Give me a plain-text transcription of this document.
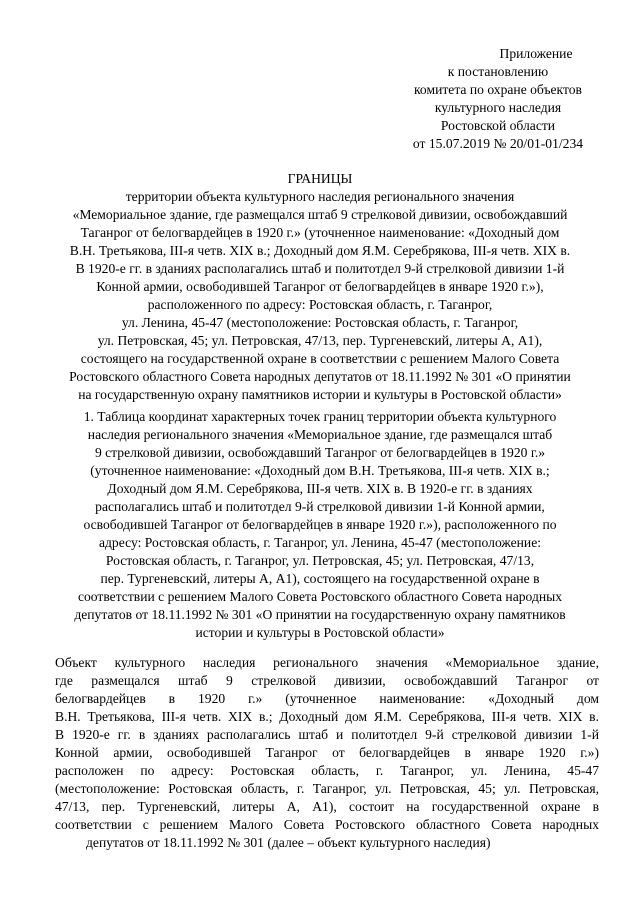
Приложение
к постановлению
комитета по охране объектов
культурного наследия
Ростовской области
от 15.07.2019 № 20/01-01/234
ГРАНИЦЫ
территории объекта культурного наследия регионального значения
«Мемориальное здание, где размещался штаб 9 стрелковой дивизии, освобождавший
Таганрог от белогвардейцев в 1920 г.» (уточненное наименование: «Доходный дом
В.Н. Третьякова, III-я четв. XIX в.; Доходный дом Я.М. Серебрякова, III-я четв. XIX в.
В 1920-е гг. в зданиях располагались штаб и политотдел 9-й стрелковой дивизии 1-й
Конной армии, освободившей Таганрог от белогвардейцев в январе 1920 г.»),
расположенного по адресу: Ростовская область, г. Таганрог,
ул. Ленина, 45-47 (местоположение: Ростовская область, г. Таганрог,
ул. Петровская, 45; ул. Петровская, 47/13, пер. Тургеневский, литеры А, А1),
состоящего на государственной охране в соответствии с решением Малого Совета
Ростовского областного Совета народных депутатов от 18.11.1992 № 301 «О принятии
на государственную охрану памятников истории и культуры в Ростовской области»
1. Таблица координат характерных точек границ территории объекта культурного
наследия регионального значения «Мемориальное здание, где размещался штаб
9 стрелковой дивизии, освобождавший Таганрог от белогвардейцев в 1920 г.»
(уточненное наименование: «Доходный дом В.Н. Третьякова, III-я четв. XIX в.;
Доходный дом Я.М. Серебрякова, III-я четв. XIX в. В 1920-е гг. в зданиях
располагались штаб и политотдел 9-й стрелковой дивизии 1-й Конной армии,
освободившей Таганрог от белогвардейцев в январе 1920 г.»), расположенного по
адресу: Ростовская область, г. Таганрог, ул. Ленина, 45-47 (местоположение:
Ростовская область, г. Таганрог, ул. Петровская, 45; ул. Петровская, 47/13,
пер. Тургеневский, литеры А, А1), состоящего на государственной охране в
соответствии с решением Малого Совета Ростовского областного Совета народных
депутатов от 18.11.1992 № 301 «О принятии на государственную охрану памятников
истории и культуры в Ростовской области»
Объект культурного наследия регионального значения «Мемориальное здание,
где размещался штаб 9 стрелковой дивизии, освобождавший Таганрог от
белогвардейцев в 1920 г.» (уточненное наименование: «Доходный дом
В.Н. Третьякова, III-я четв. XIX в.; Доходный дом Я.М. Серебрякова, III-я четв. XIX в.
В 1920-е гг. в зданиях располагались штаб и политотдел 9-й стрелковой дивизии 1-й
Конной армии, освободившей Таганрог от белогвардейцев в январе 1920 г.»)
расположен по адресу: Ростовская область, г. Таганрог, ул. Ленина, 45-47
(местоположение: Ростовская область, г. Таганрог, ул. Петровская, 45; ул. Петровская,
47/13, пер. Тургеневский, литеры А, А1), состоит на государственной охране в
соответствии с решением Малого Совета Ростовского областного Совета народных
депутатов от 18.11.1992 № 301 (далее – объект культурного наследия)
